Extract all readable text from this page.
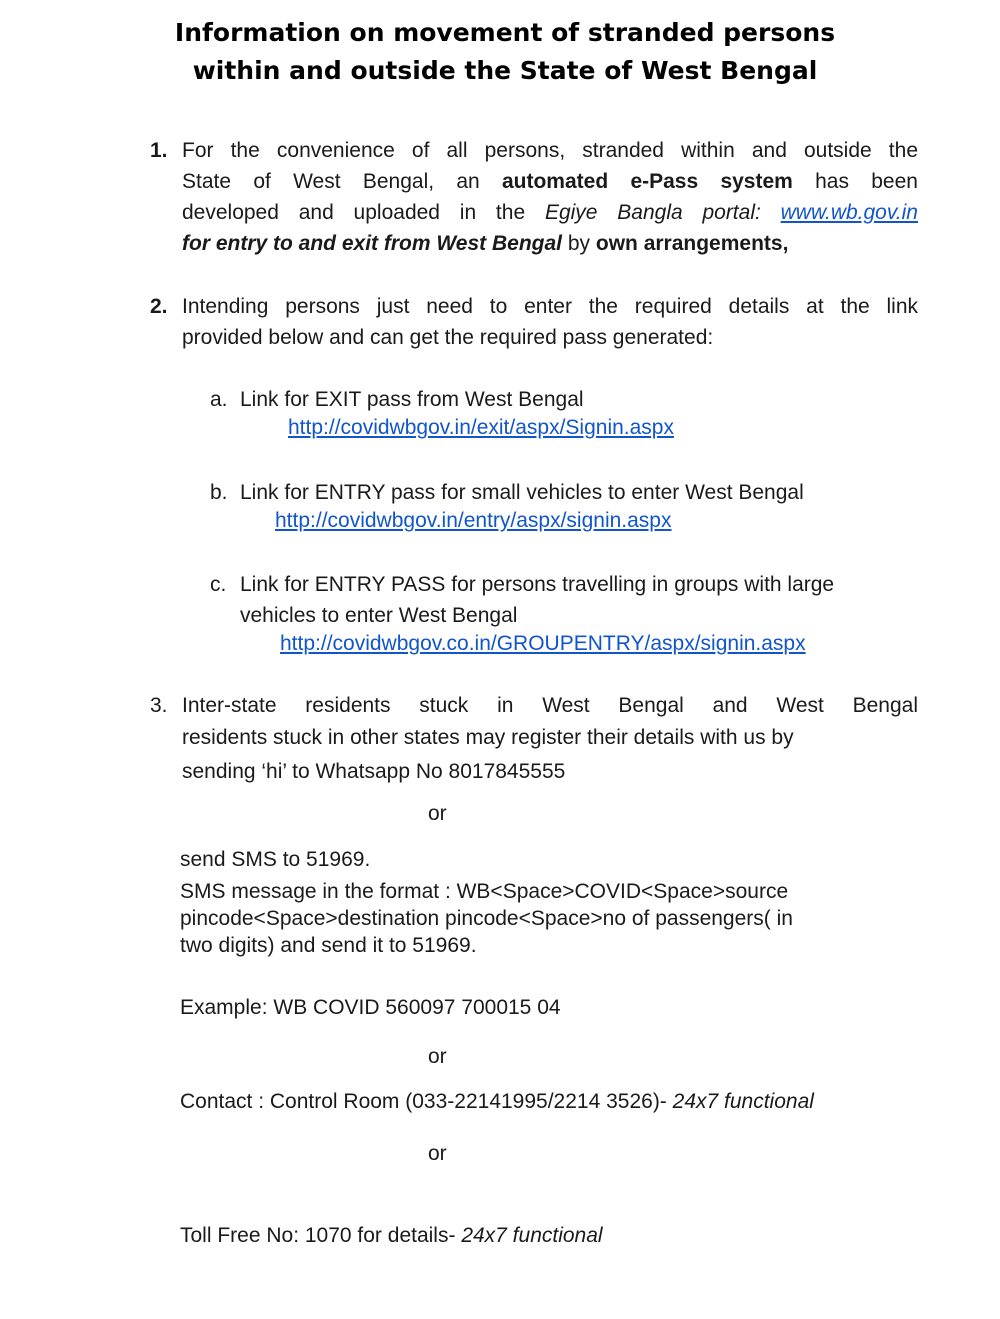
Information on movement of stranded persons
within and outside the State of West Bengal
1. For the convenience of all persons, stranded within and outside the
State of West Bengal, an automated e-Pass system has been
developed and uploaded in the Egiye Bangla portal: www.wb.gov.in
for entry to and exit from West Bengal by own arrangements,
2. Intending persons just need to enter the required details at the link
provided below and can get the required pass generated:
a. Link for EXIT pass from West Bengal
http://covidwbgov.in/exit/aspx/Signin.aspx
b. Link for ENTRY pass for small vehicles to enter West Bengal
http://covidwbgov.in/entry/aspx/signin.aspx
c. Link for ENTRY PASS for persons travelling in groups with large
vehicles to enter West Bengal
http://covidwbgov.co.in/GROUPENTRY/aspx/signin.aspx
3. Inter-state residents stuck in West Bengal and West Bengal
residents stuck in other states may register their details with us by
sending ‘hi’ to Whatsapp No 8017845555
or
send SMS to 51969.
SMS message in the format : WB<Space>COVID<Space>source
pincode<Space>destination pincode<Space>no of passengers( in
two digits) and send it to 51969.
Example: WB COVID 560097 700015 04
or
Contact : Control Room (033-22141995/2214 3526)- 24x7 functional
or
Toll Free No: 1070 for details- 24x7 functional
